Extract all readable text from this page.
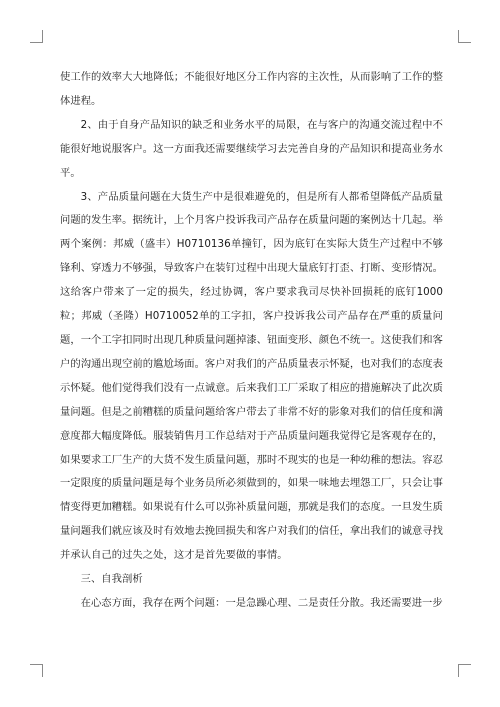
使工作的效率大大地降低；不能很好地区分工作内容的主次性，从而影响了工作的整体进程。

2、由于自身产品知识的缺乏和业务水平的局限，在与客户的沟通交流过程中不能很好地说服客户。这一方面我还需要继续学习去完善自身的产品知识和提高业务水平。

3、产品质量问题在大货生产中是很难避免的，但是所有人都希望降低产品质量问题的发生率。据统计，上个月客户投诉我司产品存在质量问题的案例达十几起。举两个案例：邦威（盛丰）H0710136单撞钉，因为底钉在实际大货生产过程中不够锋利、穿透力不够强，导致客户在装钉过程中出现大量底钉打歪、打断、变形情况。这给客户带来了一定的损失，经过协调，客户要求我司尽快补回损耗的底钉1000粒；邦威（圣隆）H0710052单的工字扣，客户投诉我公司产品存在严重的质量问题，一个工字扣同时出现几种质量问题掉漆、钮面变形、颜色不统一。这使我们和客户的沟通出现空前的尴尬场面。客户对我们的产品质量表示怀疑，也对我们的态度表示怀疑。他们觉得我们没有一点诚意。后来我们工厂采取了相应的措施解决了此次质量问题。但是之前糟糕的质量问题给客户带去了非常不好的影象对我们的信任度和满意度都大幅度降低。服装销售月工作总结对于产品质量问题我觉得它是客观存在的，如果要求工厂生产的大货不发生质量问题，那时不现实的也是一种幼稚的想法。容忍一定限度的质量问题是每个业务员所必须做到的，如果一味地去埋怨工厂，只会让事情变得更加糟糕。如果说有什么可以弥补质量问题，那就是我们的态度。一旦发生质量问题我们就应该及时有效地去挽回损失和客户对我们的信任，拿出我们的诚意寻找并承认自己的过失之处，这才是首先要做的事情。

三、自我剖析

在心态方面，我存在两个问题：一是急躁心理、二是责任分散。我还需要进一步
